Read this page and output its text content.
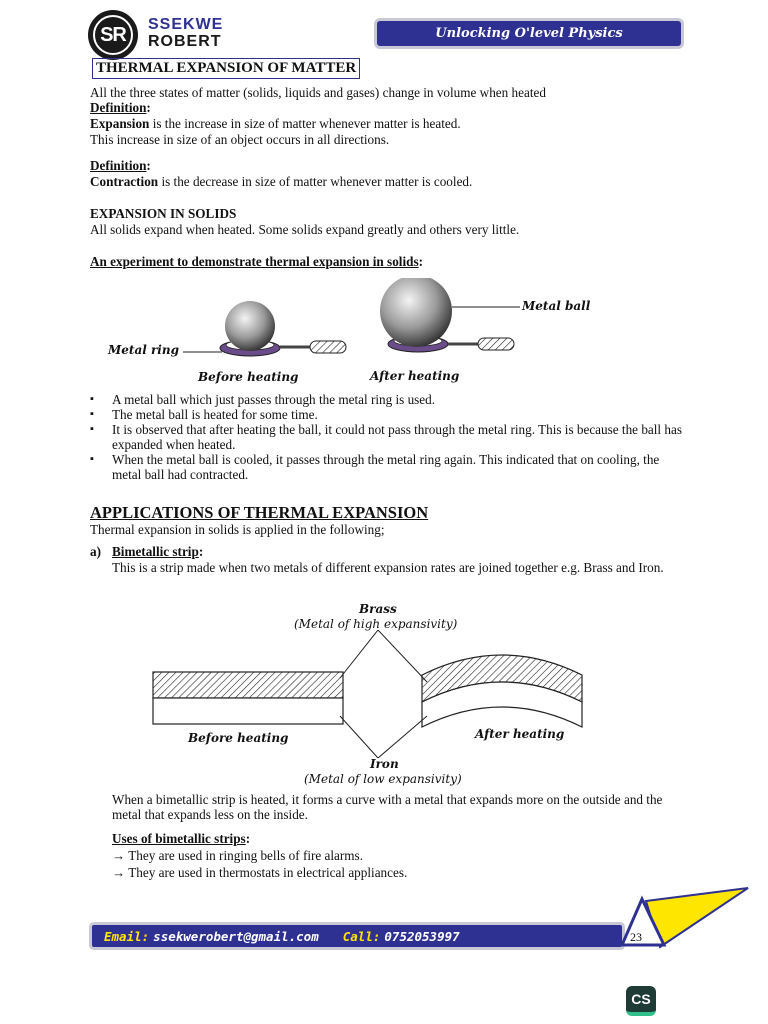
SR	SSEKWE
ROBERT	Unlocking O'level Physics
THERMAL EXPANSION OF MATTER
All the three states of matter (solids, liquids and gases) change in volume when heated
Definition:
Expansion is the increase in size of matter whenever matter is heated.
This increase in size of an object occurs in all directions.
Definition:
Contraction is the decrease in size of matter whenever matter is cooled.
EXPANSION IN SOLIDS
All solids expand when heated. Some solids expand greatly and others very little.
An experiment to demonstrate thermal expansion in solids:
Metal ring
Metal ball
Before heating	After heating
▪ A metal ball which just passes through the metal ring is used.
▪ The metal ball is heated for some time.
▪ It is observed that after heating the ball, it could not pass through the metal ring. This is because the ball has expanded when heated.
▪ When the metal ball is cooled, it passes through the metal ring again. This indicated that on cooling, the metal ball had contracted.
APPLICATIONS OF THERMAL EXPANSION
Thermal expansion in solids is applied in the following;
a) Bimetallic strip:
This is a strip made when two metals of different expansion rates are joined together e.g. Brass and Iron.
Brass
(Metal of high expansivity)
Before heating	After heating
Iron
(Metal of low expansivity)
When a bimetallic strip is heated, it forms a curve with a metal that expands more on the outside and the metal that expands less on the inside.
Uses of bimetallic strips:
→ They are used in ringing bells of fire alarms.
→ They are used in thermostats in electrical appliances.
Email: ssekwerobert@gmail.com Call: 0752053997	23
CS
